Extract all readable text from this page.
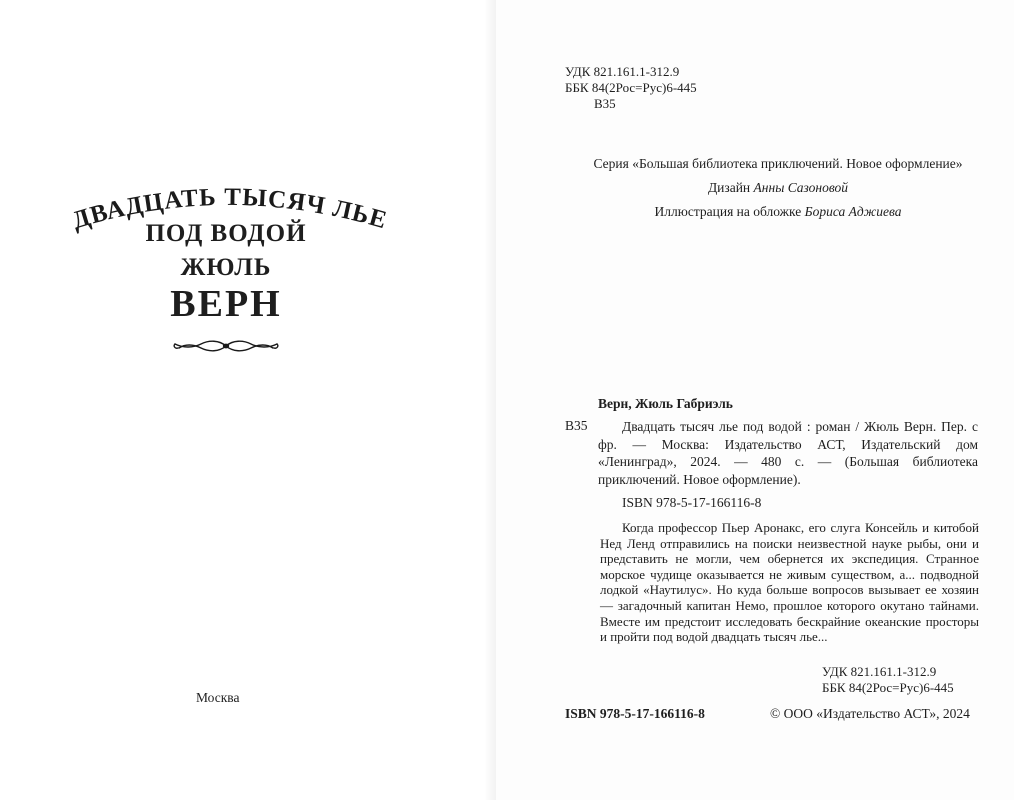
ДВАДЦАТЬ ТЫСЯЧ ЛЬЕ
ПОД ВОДОЙ
ЖЮЛЬ
ВЕРН
Москва
УДК 821.161.1-312.9
ББК 84(2Рос=Рус)6-445
В35
Серия «Большая библиотека приключений. Новое оформление»
Дизайн Анны Сазоновой
Иллюстрация на обложке Бориса Аджиева
Верн, Жюль Габриэль
В35	Двадцать тысяч лье под водой : роман / Жюль Верн. Пер. с фр. — Москва: Издательство АСТ, Издательский дом «Ленинград», 2024. — 480 с. — (Большая библиотека приключений. Новое оформление).
ISBN 978-5-17-166116-8
Когда профессор Пьер Аронакс, его слуга Консейль и китобой Нед Ленд отправились на поиски неизвестной науке рыбы, они и представить не могли, чем обернется их экспедиция. Странное морское чудище оказывается не живым существом, а... подводной лодкой «Наутилус». Но куда больше вопросов вызывает ее хозяин — загадочный капитан Немо, прошлое которого окутано тайнами. Вместе им предстоит исследовать бескрайние океанские просторы и пройти под водой двадцать тысяч лье...
УДК 821.161.1-312.9
ББК 84(2Рос=Рус)6-445
ISBN 978-5-17-166116-8	© ООО «Издательство АСТ», 2024
